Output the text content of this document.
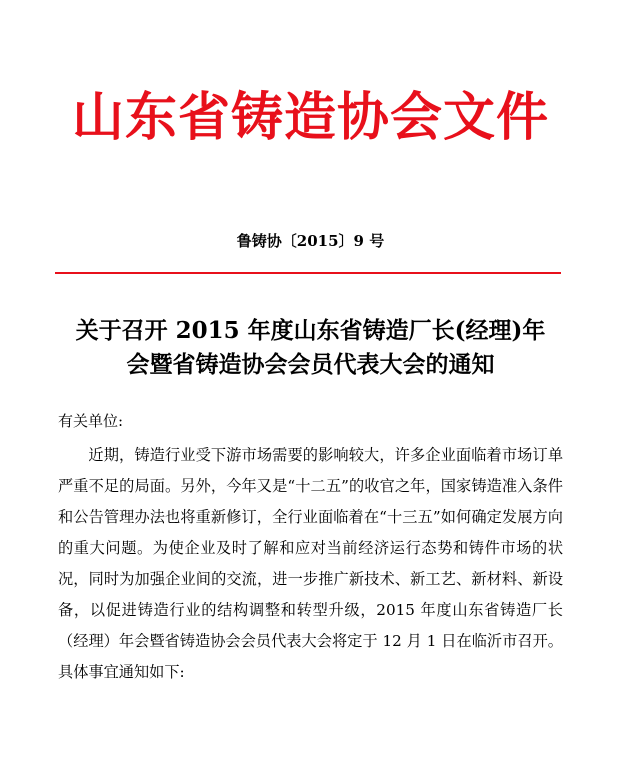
山东省铸造协会文件
鲁铸协〔2015〕9 号
关于召开 2015 年度山东省铸造厂长(经理)年
会暨省铸造协会会员代表大会的通知
有关单位:

近期，铸造行业受下游市场需要的影响较大，许多企业面临着市场订单严重不足的局面。另外，今年又是“十二五”的收官之年，国家铸造准入条件和公告管理办法也将重新修订，全行业面临着在“十三五”如何确定发展方向的重大问题。为使企业及时了解和应对当前经济运行态势和铸件市场的状况，同时为加强企业间的交流，进一步推广新技术、新工艺、新材料、新设备，以促进铸造行业的结构调整和转型升级，2015 年度山东省铸造厂长（经理）年会暨省铸造协会会员代表大会将定于 12 月 1 日在临沂市召开。具体事宜通知如下:
